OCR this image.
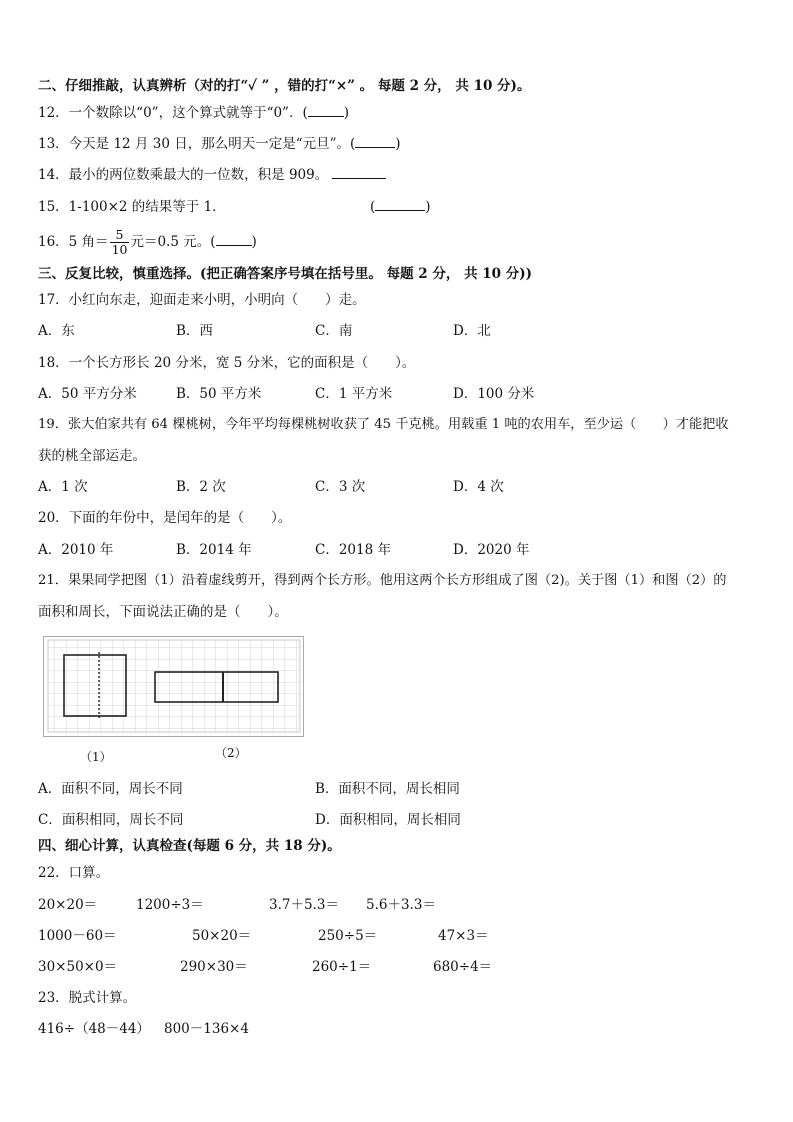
二、仔细推敲，认真辨析（对的打“✓ ” ，错的打“×” 。 每题 2 分， 共 10 分)。
12．一个数除以“0”，这个算式就等于“0”．(	)
13．今天是 12 月 30 日，那么明天一定是“元旦”。(	)
14．最小的两位数乘最大的一位数，积是 909。
15．1-100×2 的结果等于 1．	(	)
16．5 角＝ $\frac{5}{10}$ 元＝0.5 元。(	)
三、反复比较，慎重选择。(把正确答案序号填在括号里。 每题 2 分， 共 10 分))
17．小红向东走，迎面走来小明，小明向（　　）走。
A．东	B．西	C．南	D．北
18．一个长方形长 20 分米，宽 5 分米，它的面积是（　　）。
A．50 平方分米	B．50 平方米	C．1 平方米	D．100 分米
19．张大伯家共有 64 棵桃树，今年平均每棵桃树收获了 45 千克桃。用载重 1 吨的农用车，至少运（　　）才能把收
获的桃全部运走。
A．1 次	B．2 次	C．3 次	D．4 次
20．下面的年份中，是闰年的是（　　）。
A．2010 年	B．2014 年	C．2018 年	D．2020 年
21．果果同学把图（1）沿着虚线剪开，得到两个长方形。他用这两个长方形组成了图（2)。关于图（1）和图（2）的
面积和周长，下面说法正确的是（　　）。
（1）	（2）
A．面积不同，周长不同	B．面积不同，周长相同
C．面积相同，周长不同	D．面积相同，周长相同
四、细心计算，认真检查(每题 6 分，共 18 分)。
22．口算。
20×20＝	1200÷3＝	3.7＋5.3＝ 5.6＋3.3＝
1000－60＝	50×20＝	250÷5＝	47×3＝
30×50×0＝	290×30＝	260÷1＝	680÷4＝
23．脱式计算。
416÷（48－44） 800－136×4
